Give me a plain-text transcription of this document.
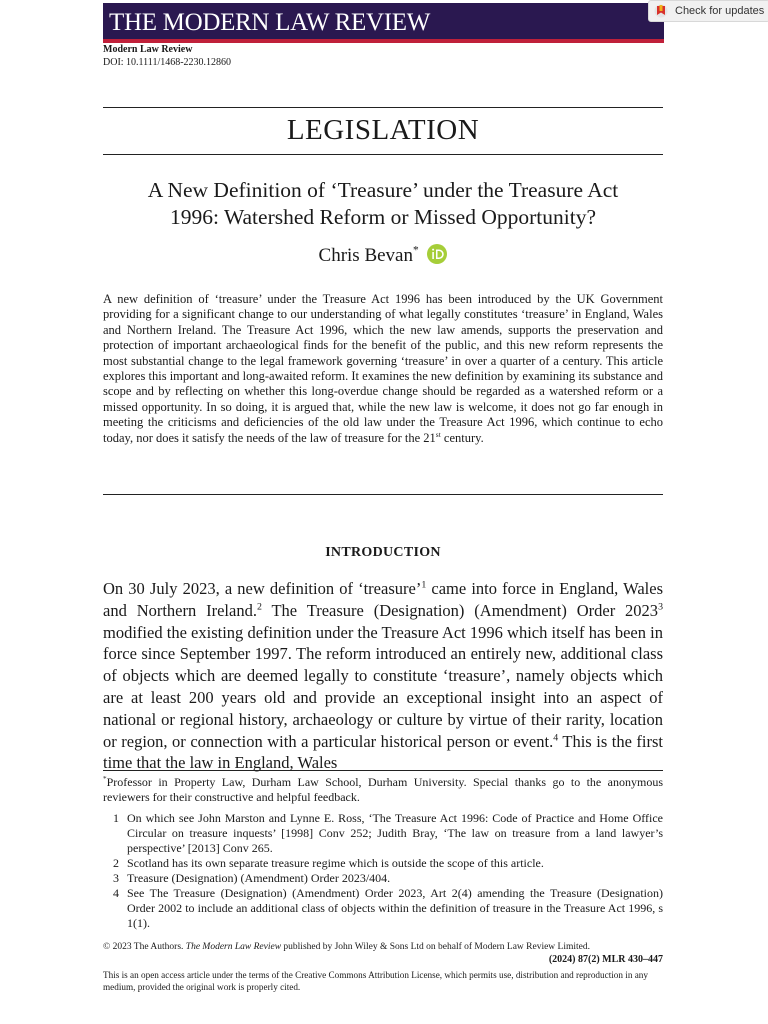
THE MODERN LAW REVIEW	Check for updates
Modern Law Review
DOI: 10.1111/1468-2230.12860
LEGISLATION
A New Definition of ‘Treasure’ under the Treasure Act
1996: Watershed Reform or Missed Opportunity?
Chris Bevan*
A new definition of ‘treasure’ under the Treasure Act 1996 has been introduced by the UK Government providing for a significant change to our understanding of what legally constitutes ‘treasure’ in England, Wales and Northern Ireland. The Treasure Act 1996, which the new law amends, supports the preservation and protection of important archaeological finds for the benefit of the public, and this new reform represents the most substantial change to the legal framework governing ‘treasure’ in over a quarter of a century. This article explores this important and long-awaited reform. It examines the new definition by examining its substance and scope and by reflecting on whether this long-overdue change should be regarded as a watershed reform or a missed opportunity. In so doing, it is argued that, while the new law is welcome, it does not go far enough in meeting the criticisms and deficiencies of the old law under the Treasure Act 1996, which continue to echo today, nor does it satisfy the needs of the law of treasure for the 21st century.
INTRODUCTION
On 30 July 2023, a new definition of ‘treasure’$^1$ came into force in England, Wales and Northern Ireland.$^2$ The Treasure (Designation) (Amendment) Order 2023$^3$ modified the existing definition under the Treasure Act 1996 which itself has been in force since September 1997. The reform introduced an entirely new, additional class of objects which are deemed legally to constitute ‘treasure’, namely objects which are at least 200 years old and provide an exceptional insight into an aspect of national or regional history, archaeology or culture by virtue of their rarity, location or region, or connection with a particular historical person or event.$^4$ This is the first time that the law in England, Wales
*Professor in Property Law, Durham Law School, Durham University. Special thanks go to the anonymous reviewers for their constructive and helpful feedback.
1 On which see John Marston and Lynne E. Ross, ‘The Treasure Act 1996: Code of Practice and Home Office Circular on treasure inquests’ [1998] Conv 252; Judith Bray, ‘The law on treasure from a land lawyer’s perspective’ [2013] Conv 265.
2 Scotland has its own separate treasure regime which is outside the scope of this article.
3 Treasure (Designation) (Amendment) Order 2023/404.
4 See The Treasure (Designation) (Amendment) Order 2023, Art 2(4) amending the Treasure (Designation) Order 2002 to include an additional class of objects within the definition of treasure in the Treasure Act 1996, s 1(1).
© 2023 The Authors. The Modern Law Review published by John Wiley & Sons Ltd on behalf of Modern Law Review Limited.
(2024) 87(2) MLR 430–447
This is an open access article under the terms of the Creative Commons Attribution License, which permits use, distribution and reproduction in any medium, provided the original work is properly cited.
